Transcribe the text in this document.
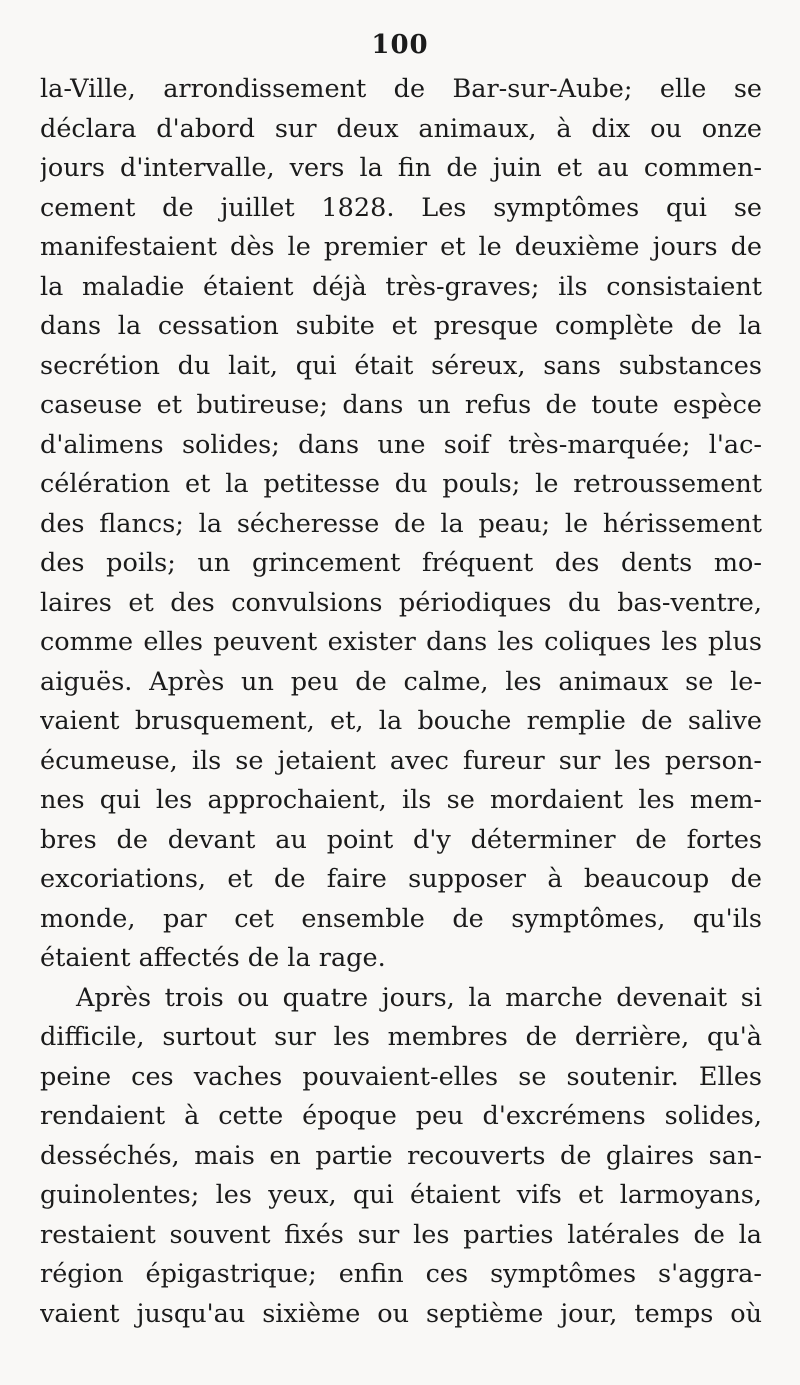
100
la-Ville, arrondissement de Bar-sur-Aube; elle se
déclara d'abord sur deux animaux, à dix ou onze
jours d'intervalle, vers la fin de juin et au commen-
cement de juillet 1828. Les symptômes qui se
manifestaient dès le premier et le deuxième jours de
la maladie étaient déjà très-graves; ils consistaient
dans la cessation subite et presque complète de la
secrétion du lait, qui était séreux, sans substances
caseuse et butireuse; dans un refus de toute espèce
d'alimens solides; dans une soif très-marquée; l'ac-
célération et la petitesse du pouls; le retroussement
des flancs; la sécheresse de la peau; le hérissement
des poils; un grincement fréquent des dents mo-
laires et des convulsions périodiques du bas-ventre,
comme elles peuvent exister dans les coliques les plus
aiguës. Après un peu de calme, les animaux se le-
vaient brusquement, et, la bouche remplie de salive
écumeuse, ils se jetaient avec fureur sur les person-
nes qui les approchaient, ils se mordaient les mem-
bres de devant au point d'y déterminer de fortes
excoriations, et de faire supposer à beaucoup de
monde, par cet ensemble de symptômes, qu'ils
étaient affectés de la rage.
Après trois ou quatre jours, la marche devenait si
difficile, surtout sur les membres de derrière, qu'à
peine ces vaches pouvaient-elles se soutenir. Elles
rendaient à cette époque peu d'excrémens solides,
desséchés, mais en partie recouverts de glaires san-
guinolentes; les yeux, qui étaient vifs et larmoyans,
restaient souvent fixés sur les parties latérales de la
région épigastrique; enfin ces symptômes s'aggra-
vaient jusqu'au sixième ou septième jour, temps où
